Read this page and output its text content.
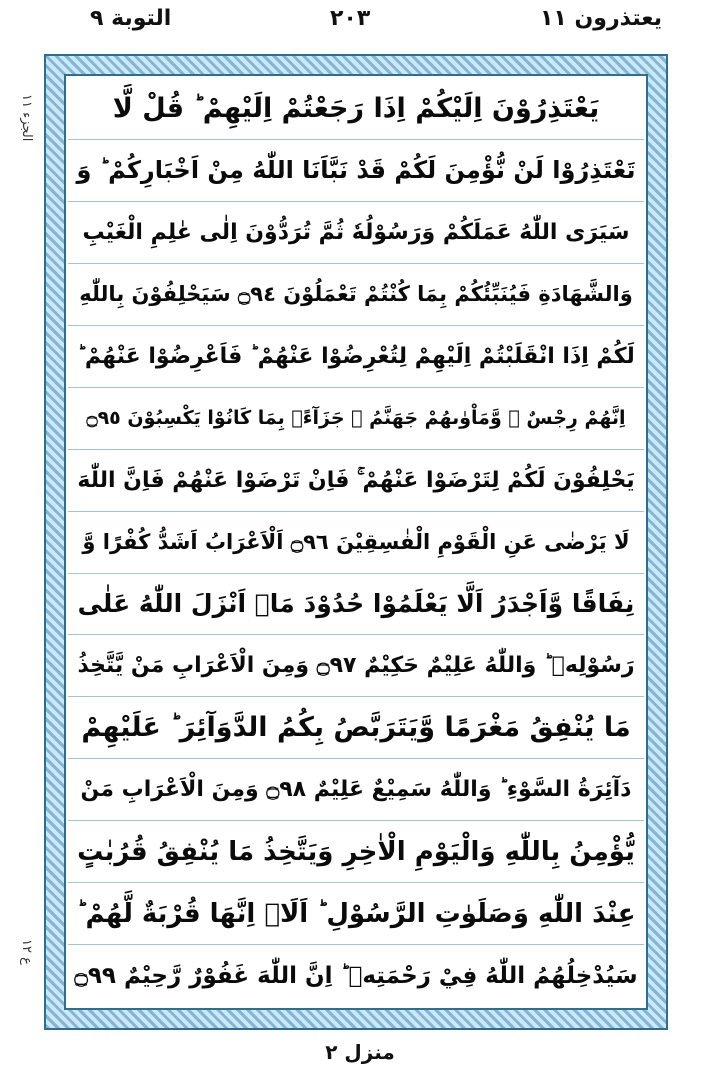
التوبة ٩	٢٠٣	يعتذرون ١١
الجزء ١١
ع ١٢
يَعْتَذِرُوْنَ اِلَيْكُمْ اِذَا رَجَعْتُمْ اِلَيْهِمْ ؕ قُلْ لَّا
تَعْتَذِرُوْا لَنْ نُّؤْمِنَ لَكُمْ قَدْ نَبَّاَنَا اللّٰهُ مِنْ اَخْبَارِكُمْ ؕ وَ
سَيَرَى اللّٰهُ عَمَلَكُمْ وَرَسُوْلُهٗ ثُمَّ تُرَدُّوْنَ اِلٰى عٰلِمِ الْغَيْبِ
وَالشَّهَادَةِ فَيُنَبِّئُكُمْ بِمَا كُنْتُمْ تَعْمَلُوْنَ ۝٩٤ سَيَحْلِفُوْنَ بِاللّٰهِ
لَكُمْ اِذَا انْقَلَبْتُمْ اِلَيْهِمْ لِتُعْرِضُوْا عَنْهُمْ ؕ فَاَعْرِضُوْا عَنْهُمْ ؕ
اِنَّهُمْ رِجْسٌ ۫ وَّمَاْوٰىهُمْ جَهَنَّمُ ۚ جَزَآءًۢ بِمَا كَانُوْا يَكْسِبُوْنَ ۝٩٥
يَحْلِفُوْنَ لَكُمْ لِتَرْضَوْا عَنْهُمْ ۚ فَاِنْ تَرْضَوْا عَنْهُمْ فَاِنَّ اللّٰهَ
لَا يَرْضٰى عَنِ الْقَوْمِ الْفٰسِقِيْنَ ۝٩٦ اَلْاَعْرَابُ اَشَدُّ كُفْرًا وَّ
نِفَاقًا وَّاَجْدَرُ اَلَّا يَعْلَمُوْا حُدُوْدَ مَاۤ اَنْزَلَ اللّٰهُ عَلٰى
رَسُوْلِهٖ ؕ وَاللّٰهُ عَلِيْمٌ حَكِيْمٌ ۝٩٧ وَمِنَ الْاَعْرَابِ مَنْ يَّتَّخِذُ
مَا يُنْفِقُ مَغْرَمًا وَّيَتَرَبَّصُ بِكُمُ الدَّوَآئِرَ ؕ عَلَيْهِمْ
دَآئِرَةُ السَّوْءِ ؕ وَاللّٰهُ سَمِيْعٌ عَلِيْمٌ ۝٩٨ وَمِنَ الْاَعْرَابِ مَنْ
يُّؤْمِنُ بِاللّٰهِ وَالْيَوْمِ الْاٰخِرِ وَيَتَّخِذُ مَا يُنْفِقُ قُرُبٰتٍ
عِنْدَ اللّٰهِ وَصَلَوٰتِ الرَّسُوْلِ ؕ اَلَاۤ اِنَّهَا قُرْبَةٌ لَّهُمْ ؕ
سَيُدْخِلُهُمُ اللّٰهُ فِيْ رَحْمَتِهٖ ؕ اِنَّ اللّٰهَ غَفُوْرٌ رَّحِيْمٌ ۝٩٩
منزل ٢
